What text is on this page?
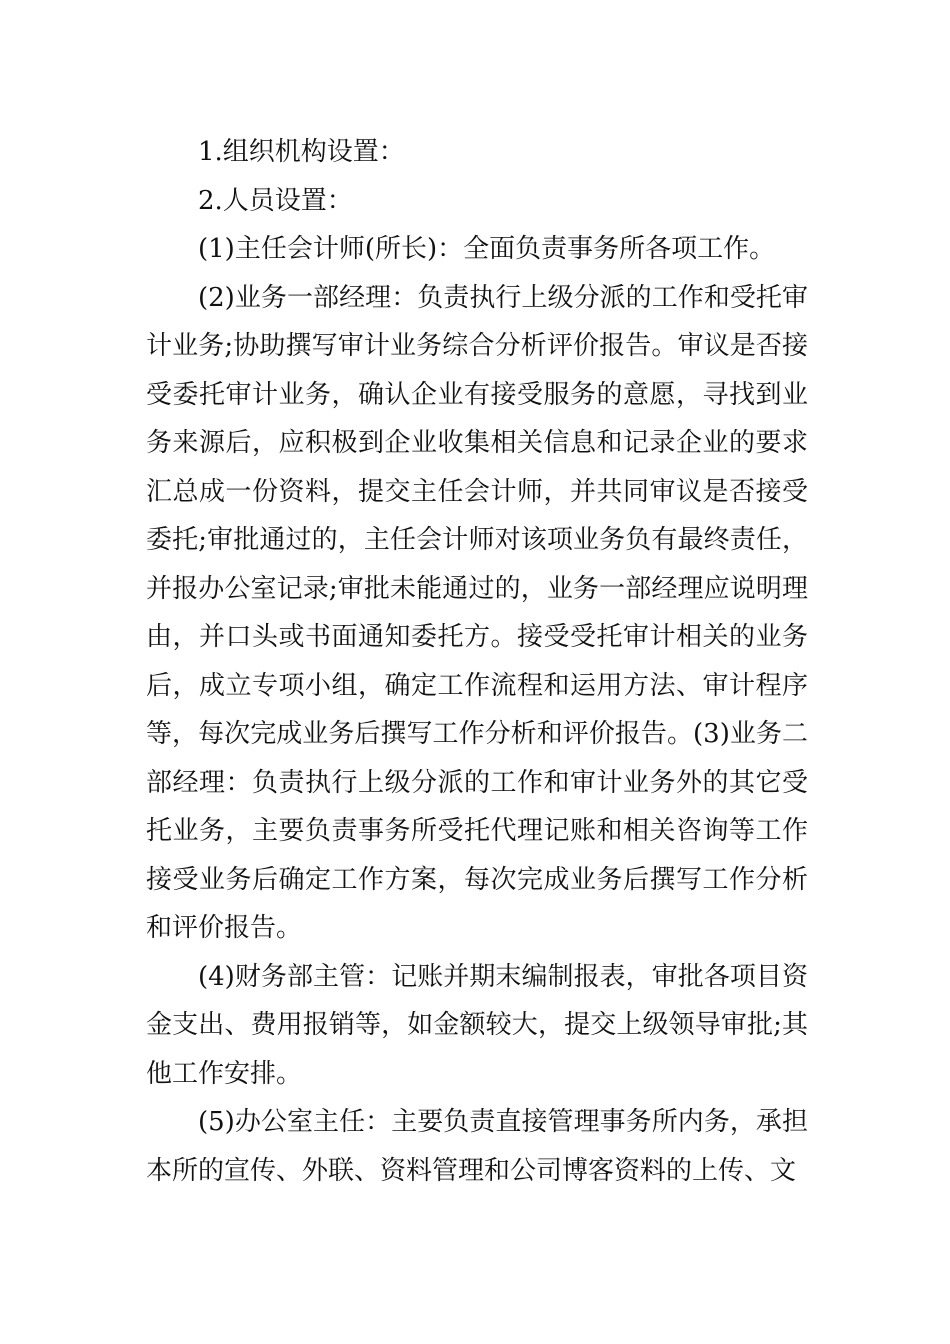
1.组织机构设置：

2.人员设置：

(1)主任会计师(所长)：全面负责事务所各项工作。

(2)业务一部经理：负责执行上级分派的工作和受托审计业务;协助撰写审计业务综合分析评价报告。审议是否接受委托审计业务，确认企业有接受服务的意愿，寻找到业务来源后，应积极到企业收集相关信息和记录企业的要求汇总成一份资料，提交主任会计师，并共同审议是否接受委托;审批通过的，主任会计师对该项业务负有最终责任，并报办公室记录;审批未能通过的，业务一部经理应说明理由，并口头或书面通知委托方。接受受托审计相关的业务后，成立专项小组，确定工作流程和运用方法、审计程序等，每次完成业务后撰写工作分析和评价报告。(3)业务二部经理：负责执行上级分派的工作和审计业务外的其它受托业务，主要负责事务所受托代理记账和相关咨询等工作接受业务后确定工作方案，每次完成业务后撰写工作分析和评价报告。

(4)财务部主管：记账并期末编制报表，审批各项目资金支出、费用报销等，如金额较大，提交上级领导审批;其他工作安排。

(5)办公室主任：主要负责直接管理事务所内务，承担本所的宣传、外联、资料管理和公司博客资料的上传、文
